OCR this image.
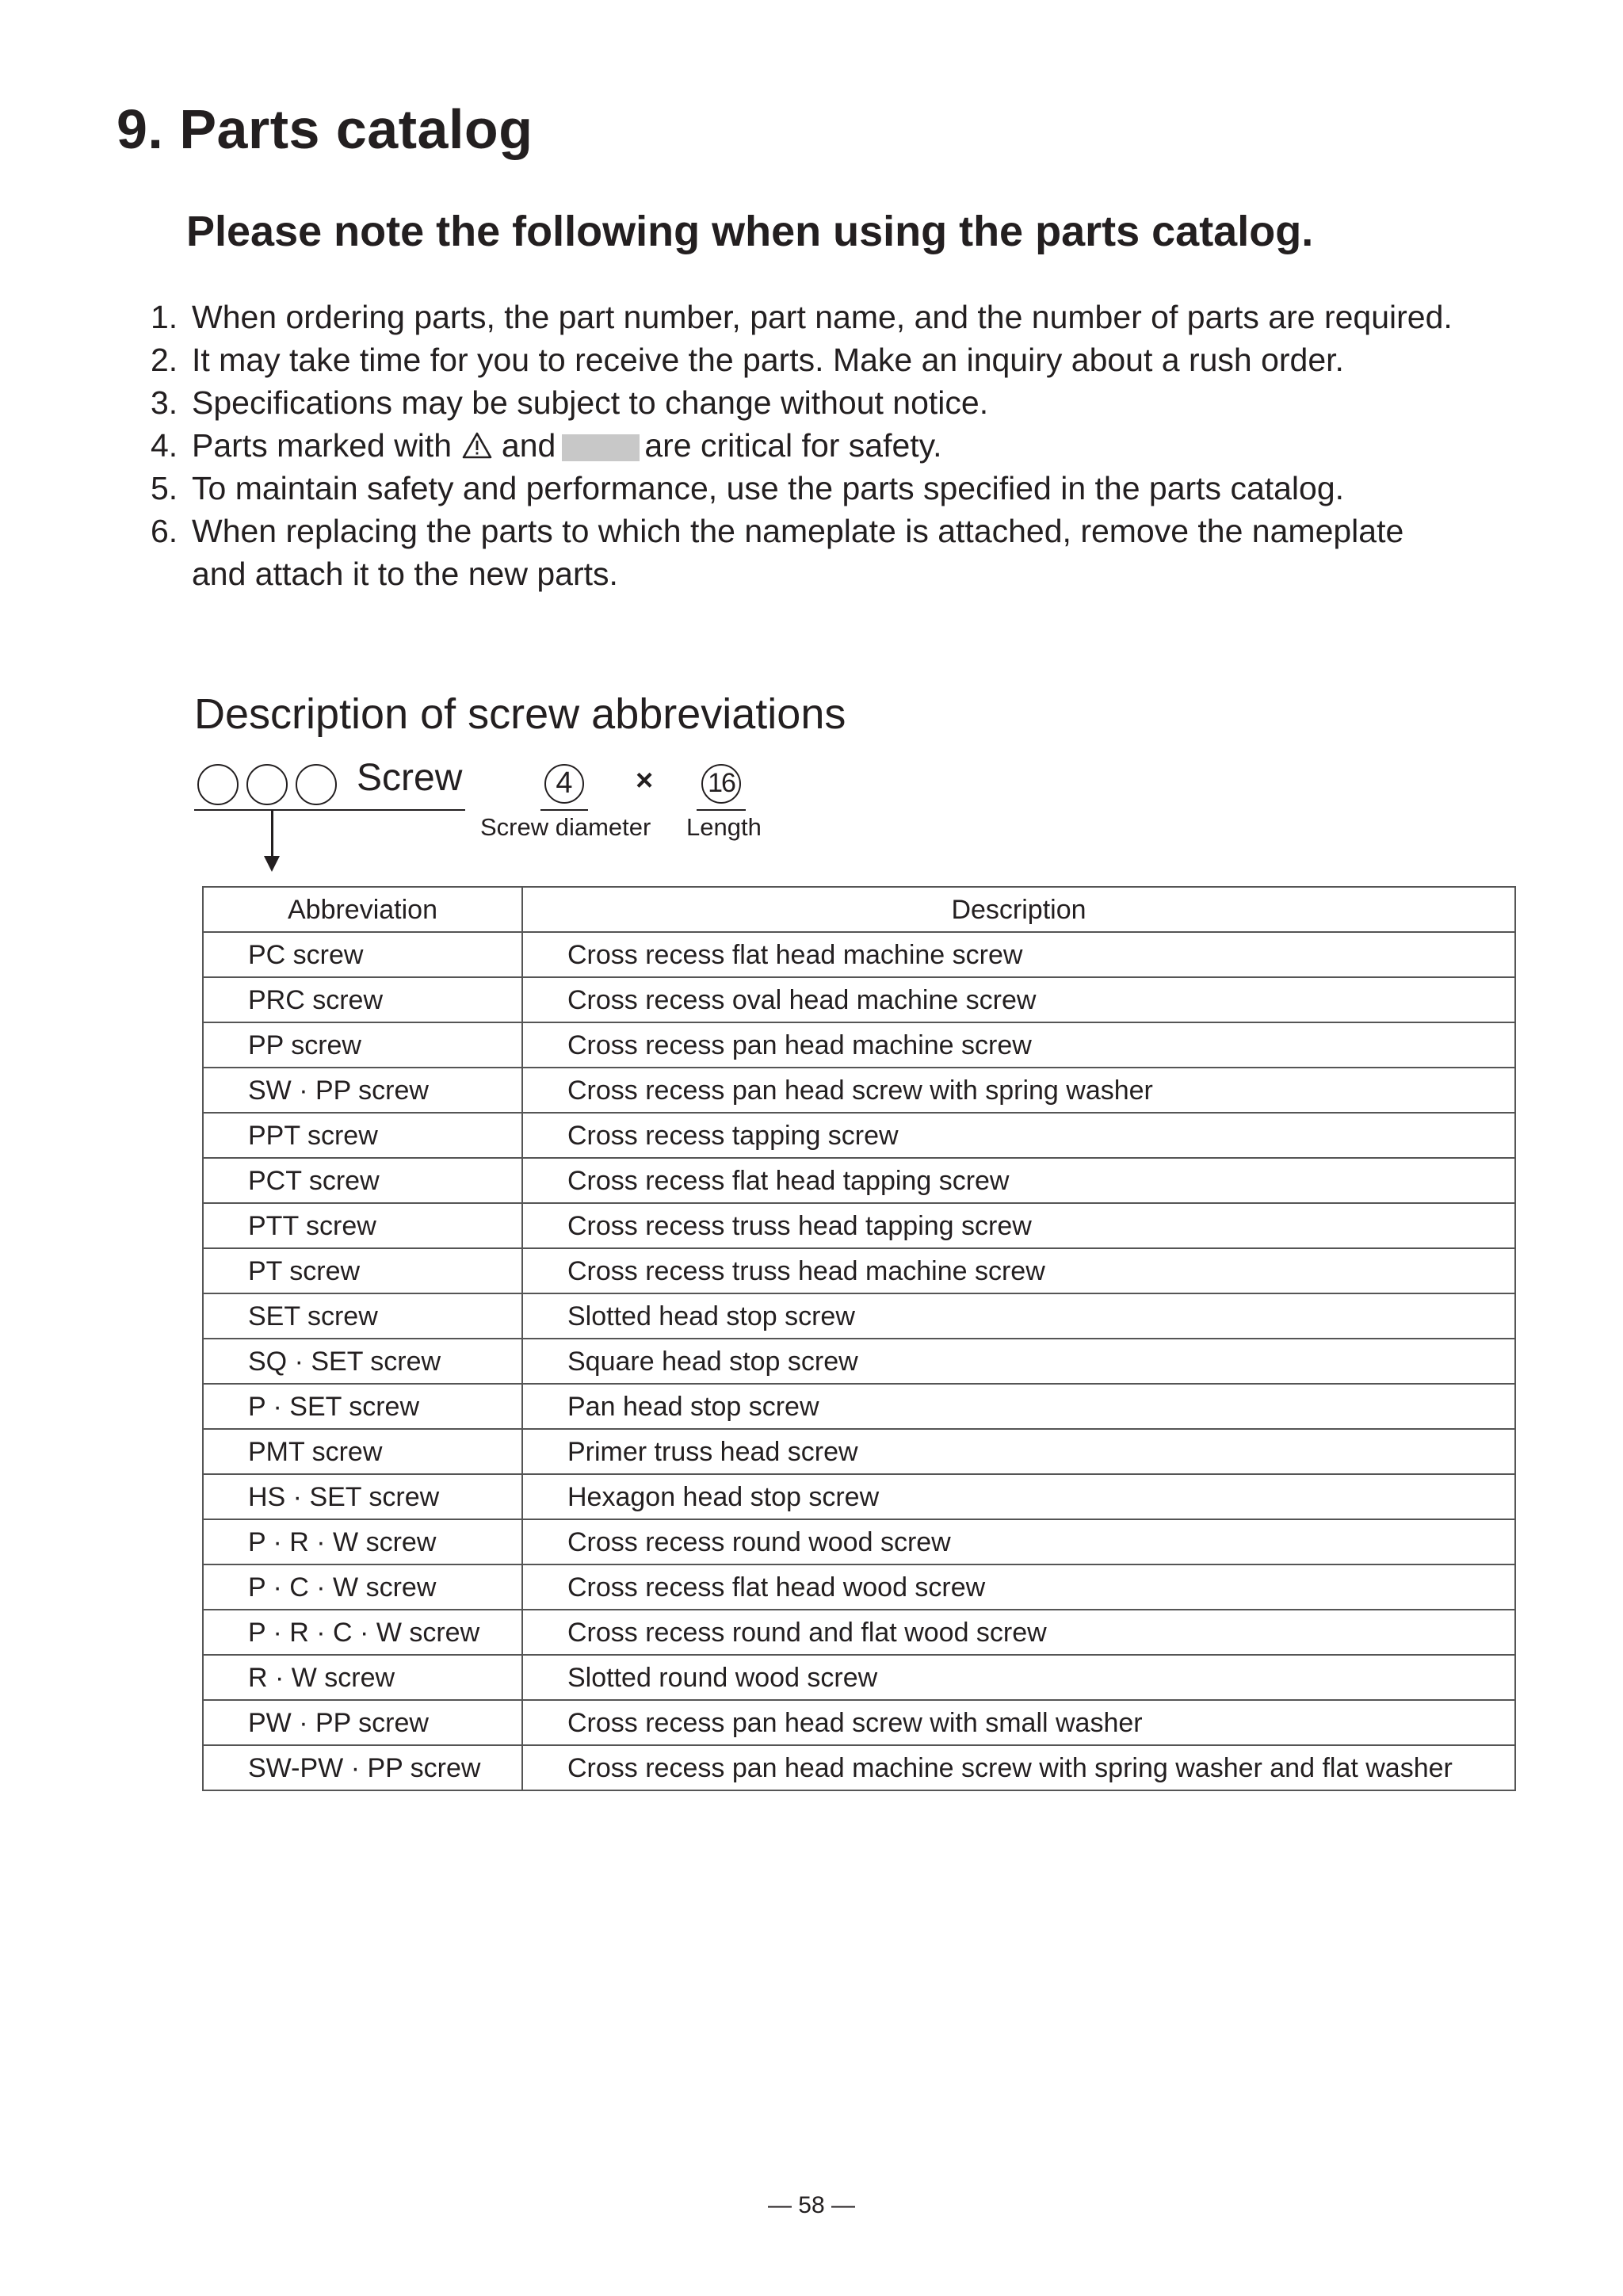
9. Parts catalog
Please note the following when using the parts catalog.
1. When ordering parts, the part number, part name, and the number of parts are required.
2. It may take time for you to receive the parts. Make an inquiry about a rush order.
3. Specifications may be subject to change without notice.
4. Parts marked with and	are critical for safety.
5. To maintain safety and performance, use the parts specified in the parts catalog.
6. When replacing the parts to which the nameplate is attached, remove the nameplate
and attach it to the new parts.
Description of screw abbreviations
Screw	4	× 16
Screw diameter Length
Abbreviation	Description
PC screw	Cross recess flat head machine screw
PRC screw	Cross recess oval head machine screw
PP screw	Cross recess pan head machine screw
SW · PP screw	Cross recess pan head screw with spring washer
PPT screw	Cross recess tapping screw
PCT screw	Cross recess flat head tapping screw
PTT screw	Cross recess truss head tapping screw
PT screw	Cross recess truss head machine screw
SET screw	Slotted head stop screw
SQ · SET screw	Square head stop screw
P · SET screw	Pan head stop screw
PMT screw	Primer truss head screw
HS · SET screw	Hexagon head stop screw
P · R · W screw	Cross recess round wood screw
P · C · W screw	Cross recess flat head wood screw
P · R · C · W screw	Cross recess round and flat wood screw
R · W screw	Slotted round wood screw
PW · PP screw	Cross recess pan head screw with small washer
SW-PW · PP screw	Cross recess pan head machine screw with spring washer and flat washer
— 58 —
